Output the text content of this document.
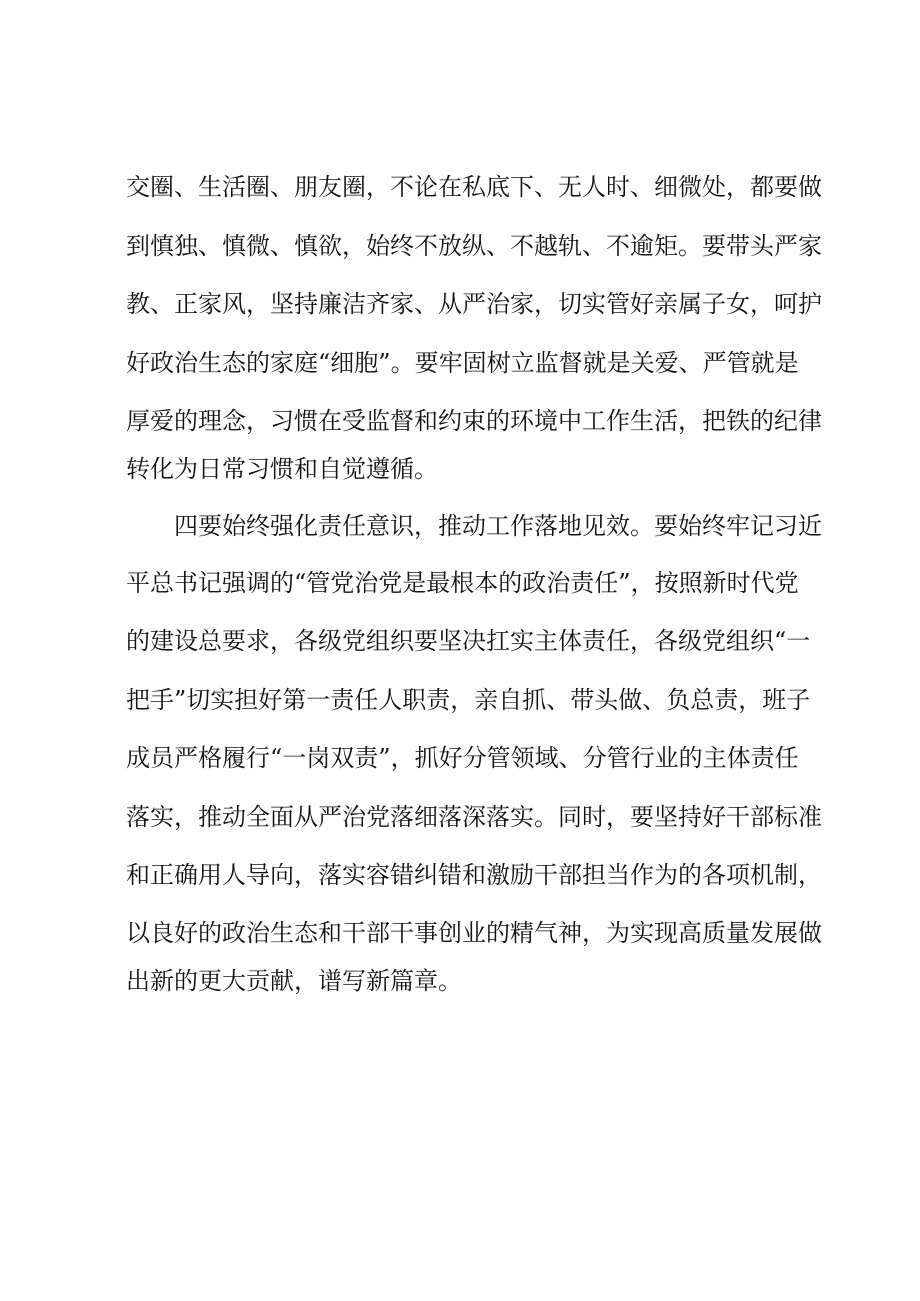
交 圈 、 生 活 圈 、 朋 友 圈 ， 不 论 在 私 底 下 、 无 人 时 、 细 微 处 ， 都 要 做
到 慎 独 、 慎 微 、 慎 欲 ， 始 终 不 放 纵 、 不 越 轨 、 不 逾 矩 。 要 带 头 严 家
教 、 正 家 风 ， 坚 持 廉 洁 齐 家 、 从 严 治 家 ， 切 实 管 好 亲 属 子 女 ， 呵 护
好 政 治 生 态 的 家 庭 “ 细 胞 ” 。 要 牢 固 树 立 监 督 就 是 关 爱 、 严 管 就 是
厚 爱 的 理 念 ， 习 惯 在 受 监 督 和 约 束 的 环 境 中 工 作 生 活 ， 把 铁 的 纪 律
转化为日常习惯和自觉遵循。
四要始终强化责任意识，推动工作落地见效。要始终牢记习近
平 总 书 记 强 调 的 “ 管 党 治 党 是 最 根 本 的 政 治 责 任 ” ， 按 照 新 时 代 党
的 建 设 总 要 求 ， 各 级 党 组 织 要 坚 决 扛 实 主 体 责 任 ， 各 级 党 组 织 “ 一
把 手 ” 切 实 担 好 第 一 责 任 人 职 责 ， 亲 自 抓 、 带 头 做 、 负 总 责 ， 班 子
成 员 严 格 履 行 “ 一 岗 双 责 ” ， 抓 好 分 管 领 域 、 分 管 行 业 的 主 体 责 任
落 实 ， 推 动 全 面 从 严 治 党 落 细 落 深 落 实 。 同 时 ， 要 坚 持 好 干 部 标 准
和 正 确 用 人 导 向 ， 落 实 容 错 纠 错 和 激 励 干 部 担 当 作 为 的 各 项 机 制 ，
以 良 好 的 政 治 生 态 和 干 部 干 事 创 业 的 精 气 神 ， 为 实 现 高 质 量 发 展 做
出新的更大贡献，谱写新篇章。
